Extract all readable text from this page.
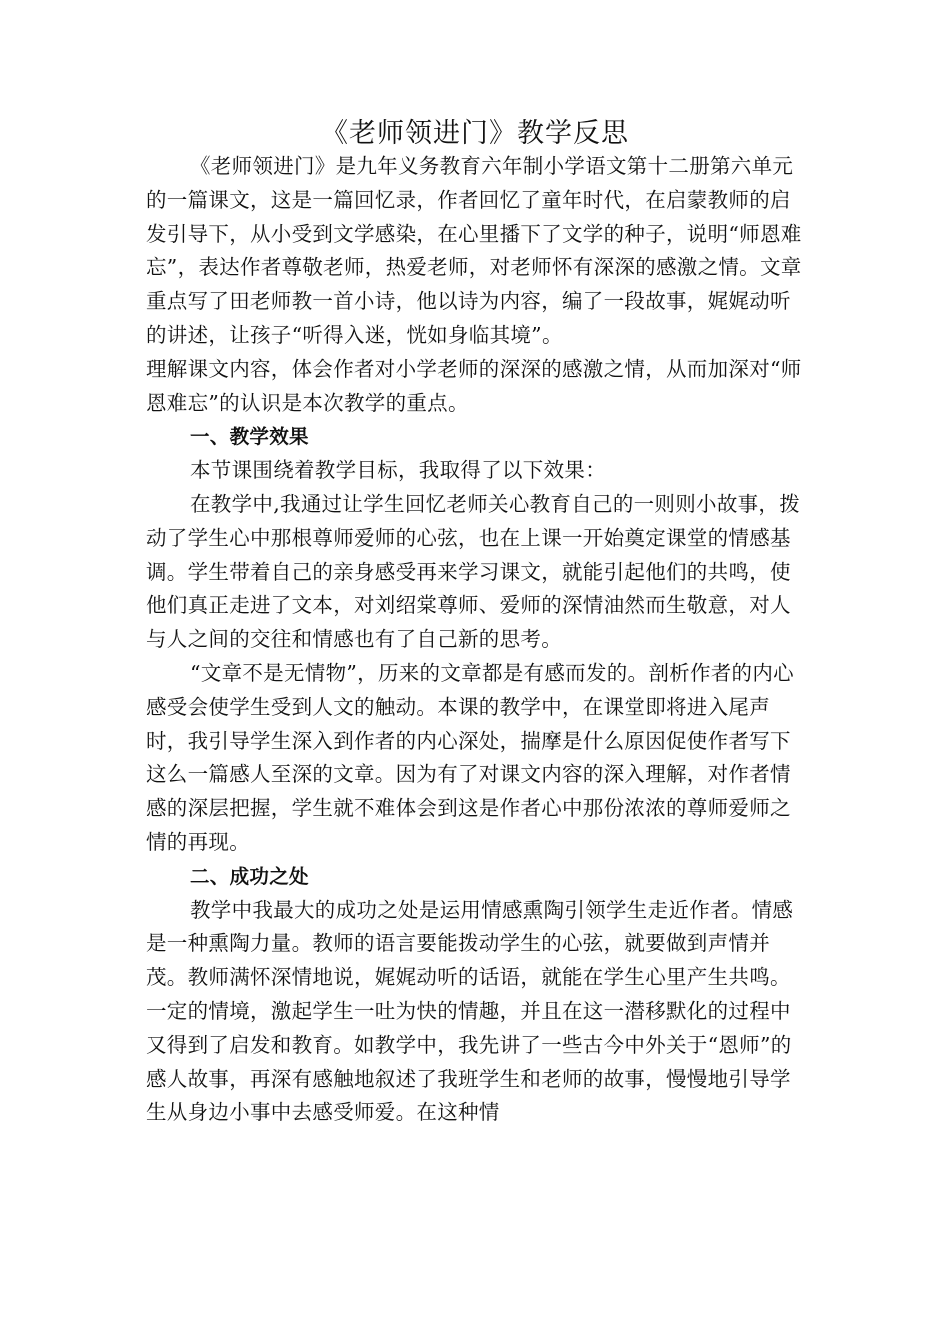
《老师领进门》教学反思

《老师领进门》是九年义务教育六年制小学语文第十二册第六单元的一篇课文，这是一篇回忆录，作者回忆了童年时代，在启蒙教师的启发引导下，从小受到文学感染，在心里播下了文学的种子，说明“师恩难忘”，表达作者尊敬老师，热爱老师，对老师怀有深深的感激之情。文章重点写了田老师教一首小诗，他以诗为内容，编了一段故事，娓娓动听的讲述，让孩子“听得入迷，恍如身临其境”。

理解课文内容，体会作者对小学老师的深深的感激之情，从而加深对“师恩难忘”的认识是本次教学的重点。

一、教学效果

本节课围绕着教学目标，我取得了以下效果：

在教学中,我通过让学生回忆老师关心教育自己的一则则小故事，拨动了学生心中那根尊师爱师的心弦，也在上课一开始奠定课堂的情感基调。学生带着自己的亲身感受再来学习课文，就能引起他们的共鸣，使他们真正走进了文本，对刘绍棠尊师、爱师的深情油然而生敬意，对人与人之间的交往和情感也有了自己新的思考。

“文章不是无情物”，历来的文章都是有感而发的。剖析作者的内心感受会使学生受到人文的触动。本课的教学中，在课堂即将进入尾声时，我引导学生深入到作者的内心深处，揣摩是什么原因促使作者写下这么一篇感人至深的文章。因为有了对课文内容的深入理解，对作者情感的深层把握，学生就不难体会到这是作者心中那份浓浓的尊师爱师之情的再现。

二、成功之处

教学中我最大的成功之处是运用情感熏陶引领学生走近作者。情感是一种熏陶力量。教师的语言要能拨动学生的心弦，就要做到声情并茂。教师满怀深情地说，娓娓动听的话语，就能在学生心里产生共鸣。一定的情境，激起学生一吐为快的情趣，并且在这一潜移默化的过程中又得到了启发和教育。如教学中，我先讲了一些古今中外关于“恩师”的感人故事，再深有感触地叙述了我班学生和老师的故事，慢慢地引导学生从身边小事中去感受师爱。在这种情
